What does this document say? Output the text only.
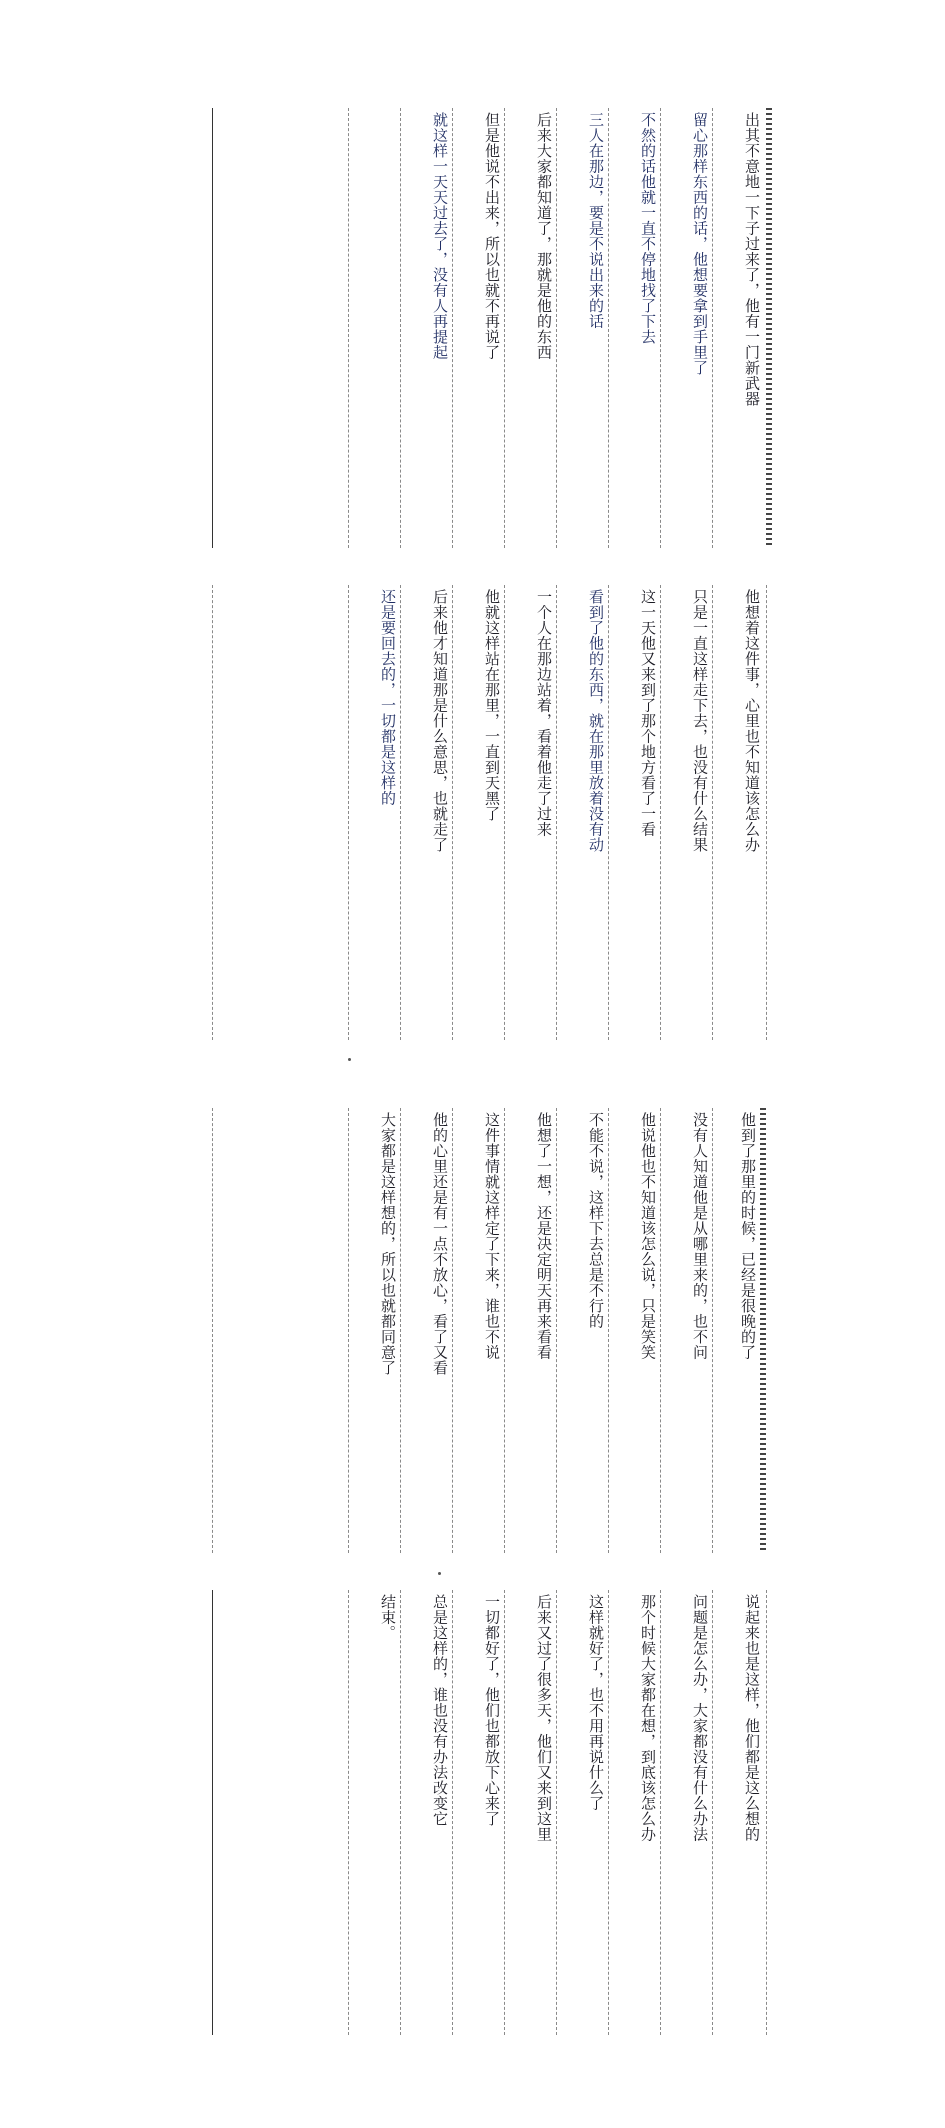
出其不意地一下子过来了，他有一门新武器
留心那样东西的话，他想要拿到手里了
不然的话他就一直不停地找了下去
三人在那边，要是不说出来的话
后来大家都知道了，那就是他的东西
但是他说不出来，所以也就不再说了
就这样一天天过去了，没有人再提起
他想着这件事，心里也不知道该怎么办
只是一直这样走下去，也没有什么结果
这一天他又来到了那个地方看了一看
看到了他的东西，就在那里放着没有动
一个人在那边站着，看着他走了过来
他就这样站在那里，一直到天黑了
后来他才知道那是什么意思，也就走了
还是要回去的，一切都是这样的
他到了那里的时候，已经是很晚的了
没有人知道他是从哪里来的，也不问
他说他也不知道该怎么说，只是笑笑
不能不说，这样下去总是不行的
他想了一想，还是决定明天再来看看
这件事情就这样定了下来，谁也不说
他的心里还是有一点不放心，看了又看
大家都是这样想的，所以也就都同意了
说起来也是这样，他们都是这么想的
问题是怎么办，大家都没有什么办法
那个时候大家都在想，到底该怎么办
这样就好了，也不用再说什么了
后来又过了很多天，他们又来到这里
一切都好了，他们也都放下心来了
总是这样的，谁也没有办法改变它
结束。
